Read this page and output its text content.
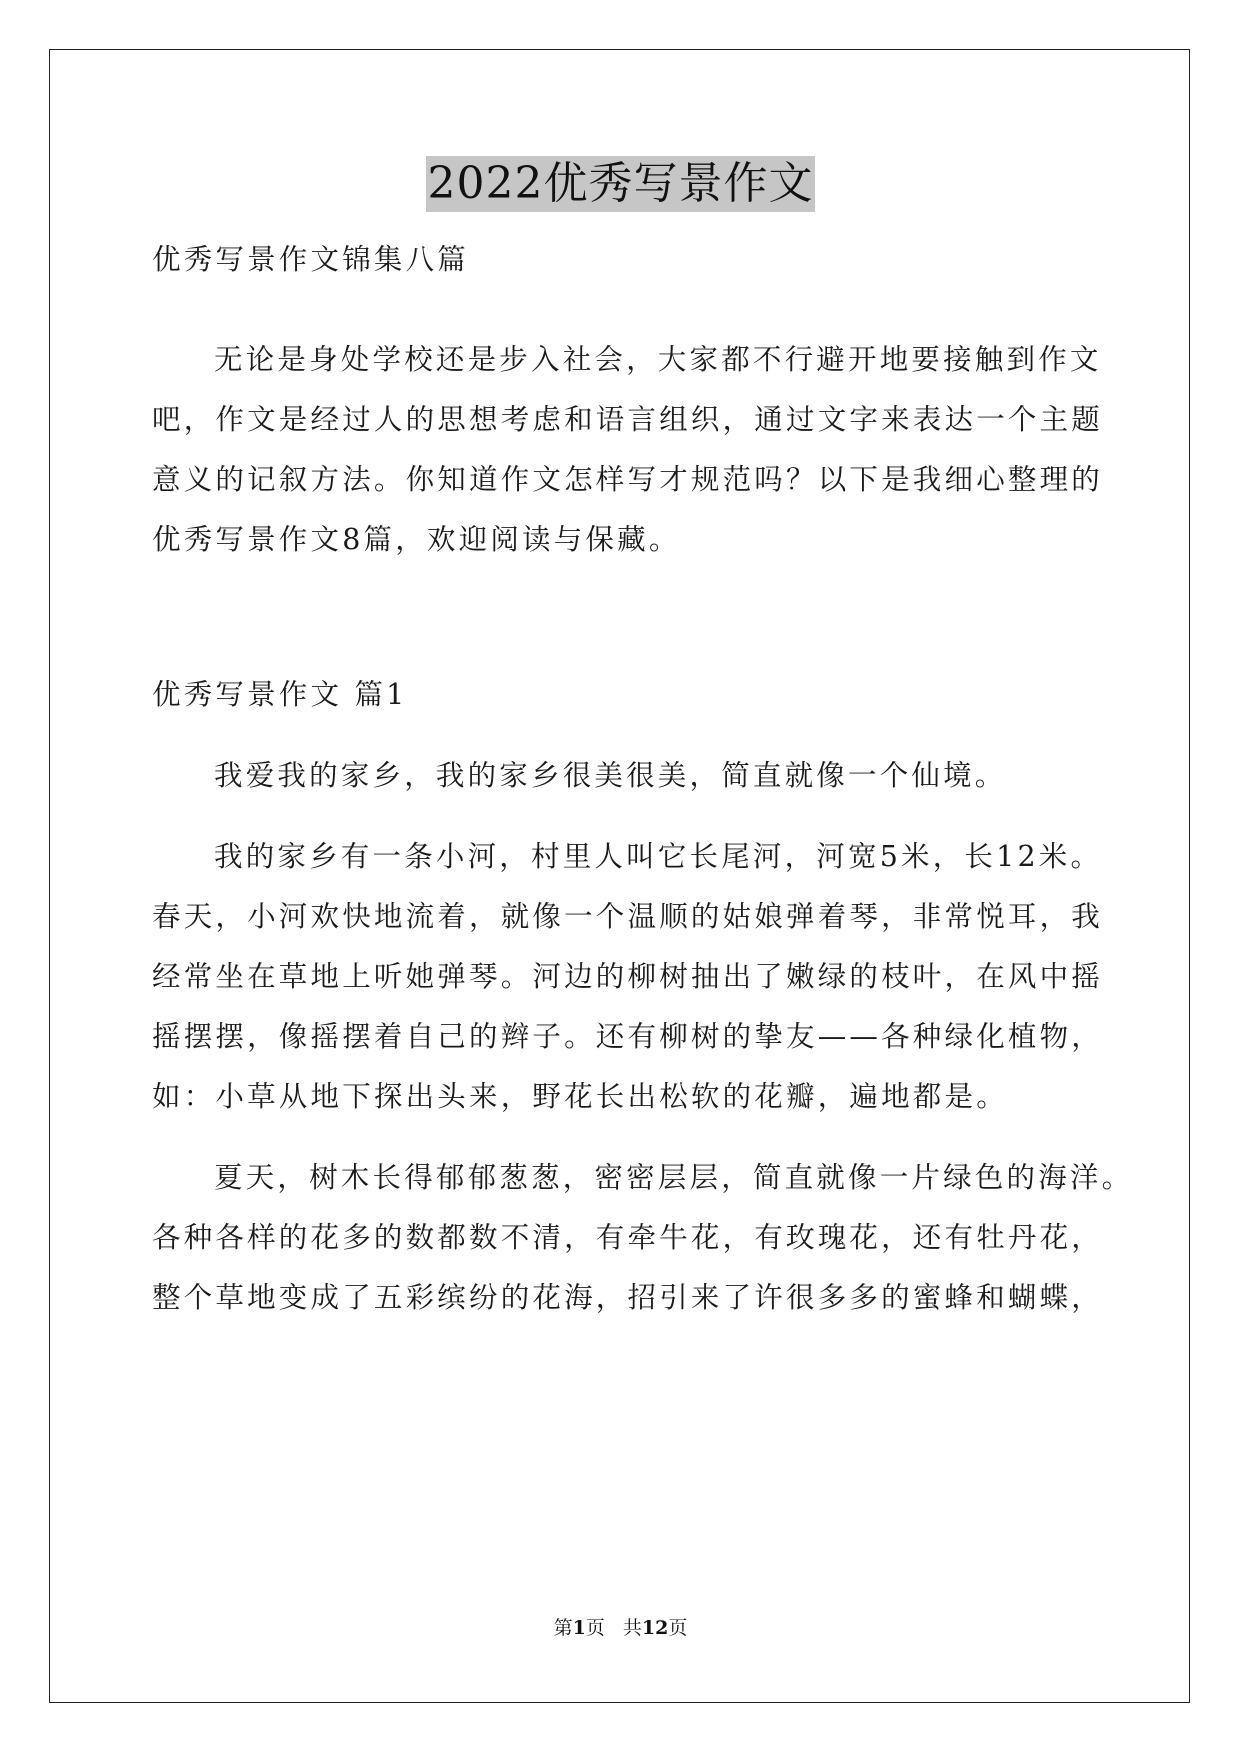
2022优秀写景作文
优秀写景作文锦集八篇
无论是身处学校还是步入社会，大家都不行避开地要接触到作文
吧，作文是经过人的思想考虑和语言组织，通过文字来表达一个主题
意义的记叙方法。你知道作文怎样写才规范吗？以下是我细心整理的
优秀写景作文8篇，欢迎阅读与保藏。
优秀写景作文 篇1
我爱我的家乡，我的家乡很美很美，简直就像一个仙境。
我的家乡有一条小河，村里人叫它长尾河，河宽5米，长12米。
春天，小河欢快地流着，就像一个温顺的姑娘弹着琴，非常悦耳，我
经常坐在草地上听她弹琴。河边的柳树抽出了嫩绿的枝叶，在风中摇
摇摆摆，像摇摆着自己的辫子。还有柳树的挚友——各种绿化植物，
如：小草从地下探出头来，野花长出松软的花瓣，遍地都是。
夏天，树木长得郁郁葱葱，密密层层，简直就像一片绿色的海洋。
各种各样的花多的数都数不清，有牵牛花，有玫瑰花，还有牡丹花，
整个草地变成了五彩缤纷的花海，招引来了许很多多的蜜蜂和蝴蝶，
第1页 共12页
